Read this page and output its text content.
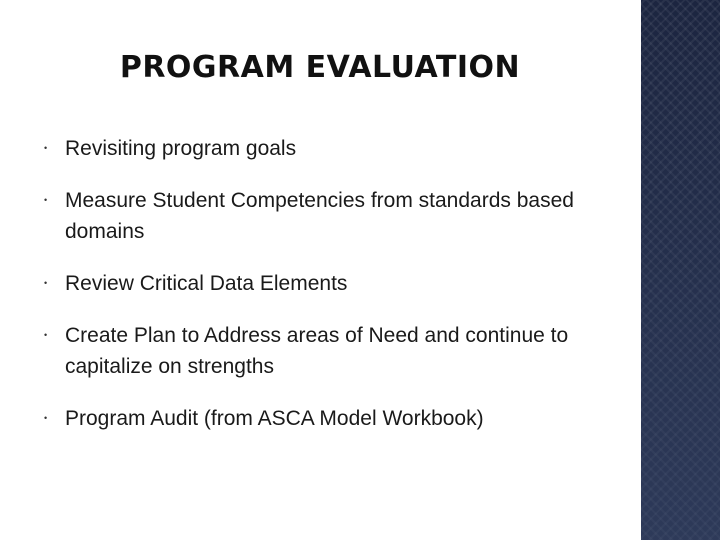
PROGRAM EVALUATION
• Revisiting program goals
• Measure Student Competencies from standards based domains
• Review Critical Data Elements
• Create Plan to Address areas of Need and continue to capitalize on strengths
• Program Audit (from ASCA Model Workbook)
